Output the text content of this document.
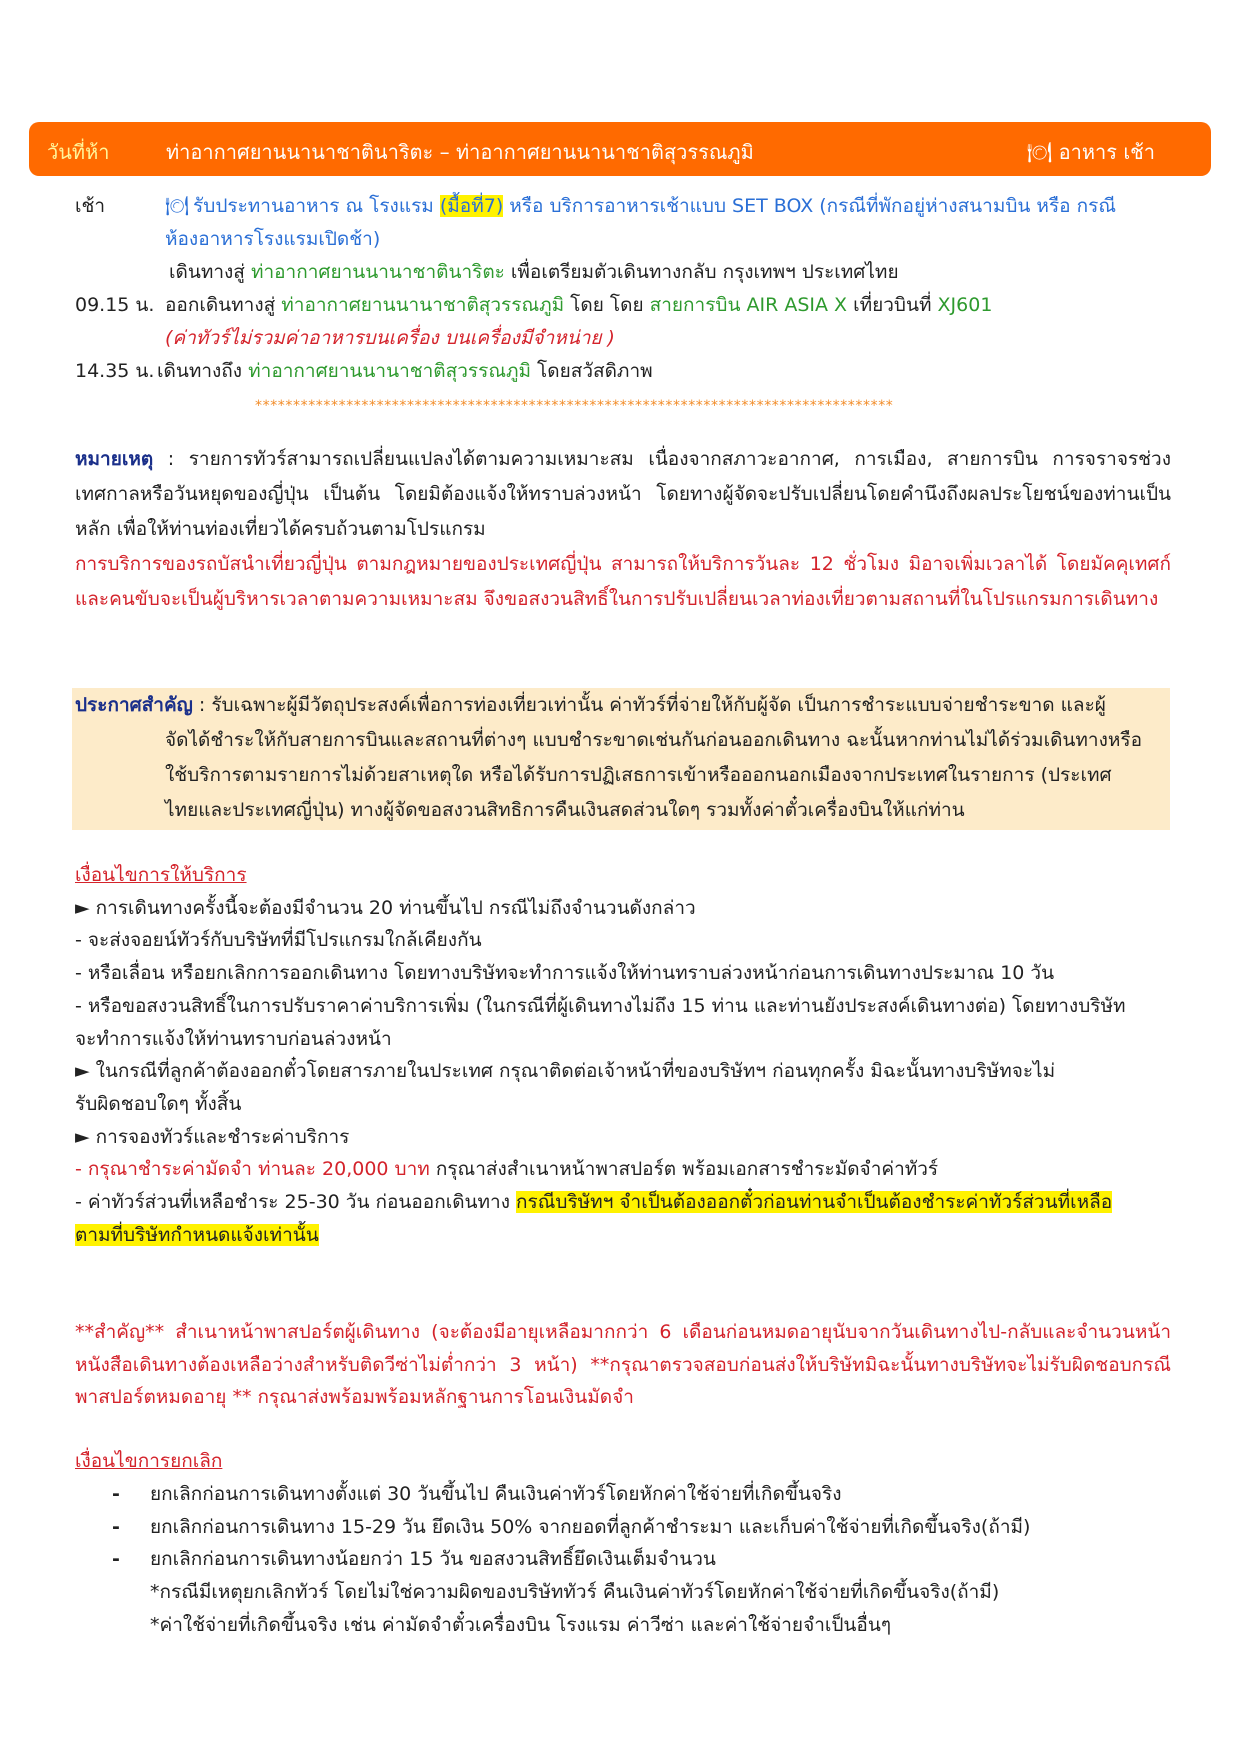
วันที่ห้า	ท่าอากาศยานนานาชาตินาริตะ – ท่าอากาศยานนานาชาติสุวรรณภูมิ	🍽 อาหาร เช้า
เช้า	🍽 รับประทานอาหาร ณ โรงแรม (มื้อที่7) หรือ บริการอาหารเช้าแบบ SET BOX (กรณีที่พักอยู่ห่างสนามบิน หรือ กรณี
ห้องอาหารโรงแรมเปิดช้า)
เดินทางสู่ ท่าอากาศยานนานาชาตินาริตะ เพื่อเตรียมตัวเดินทางกลับ กรุงเทพฯ ประเทศไทย
09.15 น. ออกเดินทางสู่ ท่าอากาศยานนานาชาติสุวรรณภูมิ โดย โดย สายการบิน AIR ASIA X เที่ยวบินที่ XJ601
(ค่าทัวร์ไม่รวมค่าอาหารบนเครื่อง บนเครื่องมีจำหน่าย )
14.35 น. เดินทางถึง ท่าอากาศยานนานาชาติสุวรรณภูมิ โดยสวัสดิภาพ
************************************************************************************
หมายเหตุ : รายการทัวร์สามารถเปลี่ยนแปลงได้ตามความเหมาะสม เนื่องจากสภาวะอากาศ, การเมือง, สายการบิน การจราจรช่วงเทศกาลหรือวันหยุดของญี่ปุ่น เป็นต้น โดยมิต้องแจ้งให้ทราบล่วงหน้า โดยทางผู้จัดจะปรับเปลี่ยนโดยคำนึงถึงผลประโยชน์ของท่านเป็นหลัก เพื่อให้ท่านท่องเที่ยวได้ครบถ้วนตามโปรแกรม
การบริการของรถบัสนำเที่ยวญี่ปุ่น ตามกฎหมายของประเทศญี่ปุ่น สามารถให้บริการวันละ 12 ชั่วโมง มิอาจเพิ่มเวลาได้ โดยมัคคุเทศก์และคนขับจะเป็นผู้บริหารเวลาตามความเหมาะสม จึงขอสงวนสิทธิ์ในการปรับเปลี่ยนเวลาท่องเที่ยวตามสถานที่ในโปรแกรมการเดินทาง
ประกาศสำคัญ : รับเฉพาะผู้มีวัตถุประสงค์เพื่อการท่องเที่ยวเท่านั้น ค่าทัวร์ที่จ่ายให้กับผู้จัด เป็นการชำระแบบจ่ายชำระขาด และผู้
จัดได้ชำระให้กับสายการบินและสถานที่ต่างๆ แบบชำระขาดเช่นกันก่อนออกเดินทาง ฉะนั้นหากท่านไม่ได้ร่วมเดินทางหรือ
ใช้บริการตามรายการไม่ด้วยสาเหตุใด หรือได้รับการปฏิเสธการเข้าหรือออกนอกเมืองจากประเทศในรายการ (ประเทศ
ไทยและประเทศญี่ปุ่น) ทางผู้จัดขอสงวนสิทธิการคืนเงินสดส่วนใดๆ รวมทั้งค่าตั๋วเครื่องบินให้แก่ท่าน
เงื่อนไขการให้บริการ
► การเดินทางครั้งนี้จะต้องมีจำนวน 20 ท่านขึ้นไป กรณีไม่ถึงจำนวนดังกล่าว
- จะส่งจอยน์ทัวร์กับบริษัทที่มีโปรแกรมใกล้เคียงกัน
- หรือเลื่อน หรือยกเลิกการออกเดินทาง โดยทางบริษัทจะทำการแจ้งให้ท่านทราบล่วงหน้าก่อนการเดินทางประมาณ 10 วัน
- หรือขอสงวนสิทธิ์ในการปรับราคาค่าบริการเพิ่ม (ในกรณีที่ผู้เดินทางไม่ถึง 15 ท่าน และท่านยังประสงค์เดินทางต่อ) โดยทางบริษัท
จะทำการแจ้งให้ท่านทราบก่อนล่วงหน้า
► ในกรณีที่ลูกค้าต้องออกตั๋วโดยสารภายในประเทศ กรุณาติดต่อเจ้าหน้าที่ของบริษัทฯ ก่อนทุกครั้ง มิฉะนั้นทางบริษัทจะไม่
รับผิดชอบใดๆ ทั้งสิ้น
► การจองทัวร์และชำระค่าบริการ
- กรุณาชำระค่ามัดจำ ท่านละ 20,000 บาท กรุณาส่งสำเนาหน้าพาสปอร์ต พร้อมเอกสารชำระมัดจำค่าทัวร์
- ค่าทัวร์ส่วนที่เหลือชำระ 25-30 วัน ก่อนออกเดินทาง กรณีบริษัทฯ จำเป็นต้องออกตั๋วก่อนท่านจำเป็นต้องชำระค่าทัวร์ส่วนที่เหลือ
ตามที่บริษัทกำหนดแจ้งเท่านั้น
**สำคัญ** สำเนาหน้าพาสปอร์ตผู้เดินทาง (จะต้องมีอายุเหลือมากกว่า 6 เดือนก่อนหมดอายุนับจากวันเดินทางไป-กลับและจำนวนหน้าหนังสือเดินทางต้องเหลือว่างสำหรับติดวีซ่าไม่ต่ำกว่า 3 หน้า) **กรุณาตรวจสอบก่อนส่งให้บริษัทมิฉะนั้นทางบริษัทจะไม่รับผิดชอบกรณีพาสปอร์ตหมดอายุ ** กรุณาส่งพร้อมพร้อมหลักฐานการโอนเงินมัดจำ
เงื่อนไขการยกเลิก
-	ยกเลิกก่อนการเดินทางตั้งแต่ 30 วันขึ้นไป คืนเงินค่าทัวร์โดยหักค่าใช้จ่ายที่เกิดขึ้นจริง
-	ยกเลิกก่อนการเดินทาง 15-29 วัน ยึดเงิน 50% จากยอดที่ลูกค้าชำระมา และเก็บค่าใช้จ่ายที่เกิดขึ้นจริง(ถ้ามี)
-	ยกเลิกก่อนการเดินทางน้อยกว่า 15 วัน ขอสงวนสิทธิ์ยึดเงินเต็มจำนวน
*กรณีมีเหตุยกเลิกทัวร์ โดยไม่ใช่ความผิดของบริษัททัวร์ คืนเงินค่าทัวร์โดยหักค่าใช้จ่ายที่เกิดขึ้นจริง(ถ้ามี)
*ค่าใช้จ่ายที่เกิดขึ้นจริง เช่น ค่ามัดจำตั๋วเครื่องบิน โรงแรม ค่าวีซ่า และค่าใช้จ่ายจำเป็นอื่นๆ
